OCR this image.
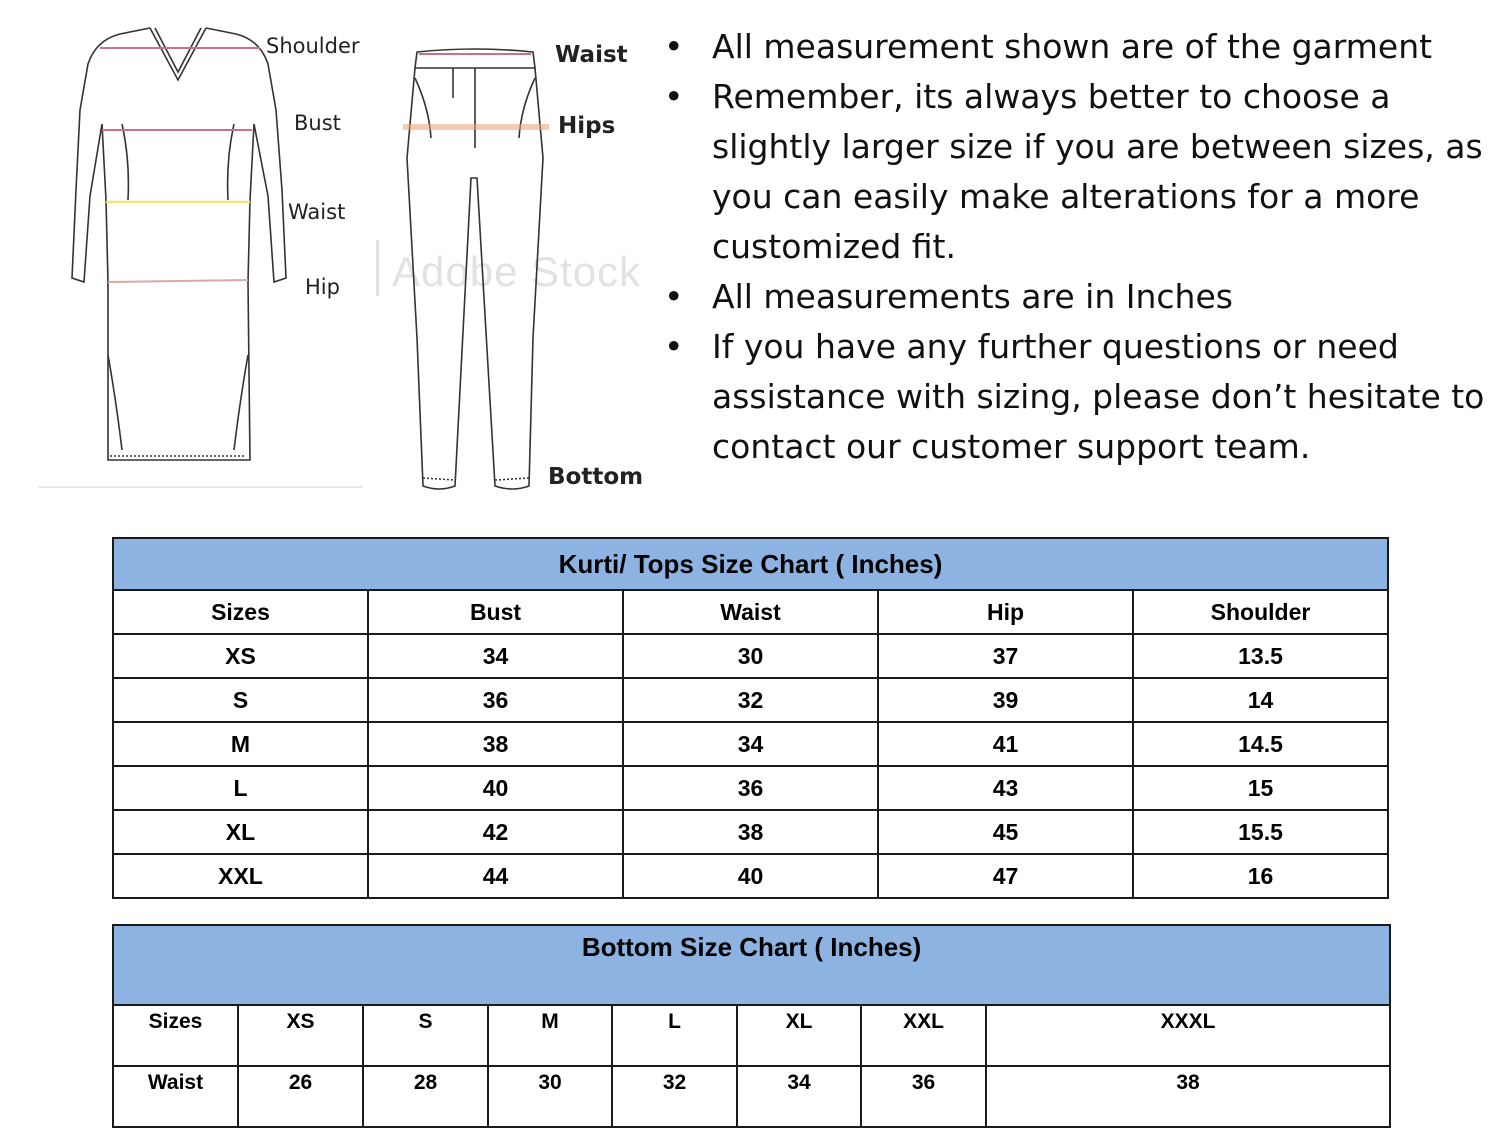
Shoulder
Bust
Waist
Hip Adobe Stock
Waist
Hips
Bottom
• All measurement shown are of the garment
• Remember, its always better to choose a slightly larger size if you are between sizes, as you can easily make alterations for a more customized fit.
• All measurements are in Inches
• If you have any further questions or need assistance with sizing, please don’t hesitate to contact our customer support team.
Kurti/ Tops Size Chart ( Inches)				
Sizes	Bust	Waist	Hip	Shoulder
XS	34	30	37	13.5
S	36	32	39	14
M	38	34	41	14.5
L	40	36	43	15
XL	42	38	45	15.5
XXL	44	40	47	16
Bottom Size Chart ( Inches)							
Sizes	XS	S	M	L	XL	XXL	XXXL
Waist	26	28	30	32	34	36	38
